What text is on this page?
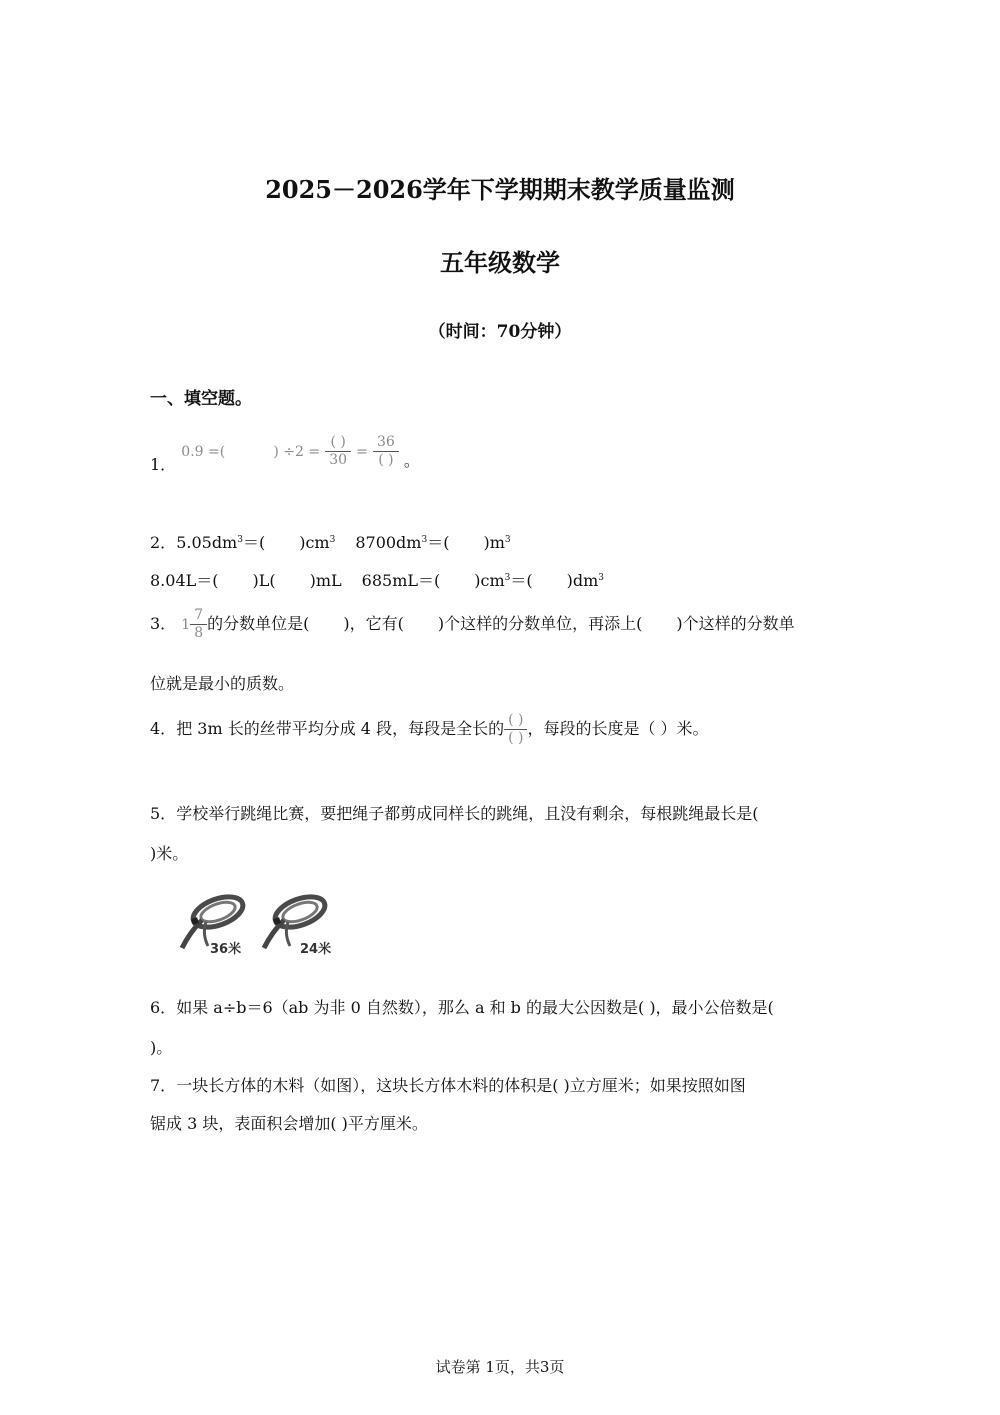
2025－2026学年下学期期末教学质量监测
五年级数学
（时间：70分钟）
一、填空题。
1． 0.9 =(	) $\div 2 = \frac{( )}{30} = \frac{36}{( )}$ 。
2．$5.05dm^3=$( )$cm^3$ $8700dm^3=$( )$m^3$
8.04L＝( )L( )mL 685mL＝( )$cm^3=$( )$dm^3$
3． $1 \frac{7}{8}$ 的分数单位是( )，它有( )个这样的分数单位，再添上( )个这样的分数单
位就是最小的质数。
4．把 3m 长的丝带平均分成 4 段，每段是全长的 $\frac{( )}{( )}$ ，每段的长度是（ ）米。
5．学校举行跳绳比赛，要把绳子都剪成同样长的跳绳，且没有剩余，每根跳绳最长是(
)米。
36米	24米
6．如果 a÷b＝6（ab 为非 0 自然数），那么 a 和 b 的最大公因数是( )，最小公倍数是(
)。
7．一块长方体的木料（如图），这块长方体木料的体积是( )立方厘米；如果按照如图
锯成 3 块，表面积会增加( )平方厘米。
试卷第 1页，共3页
